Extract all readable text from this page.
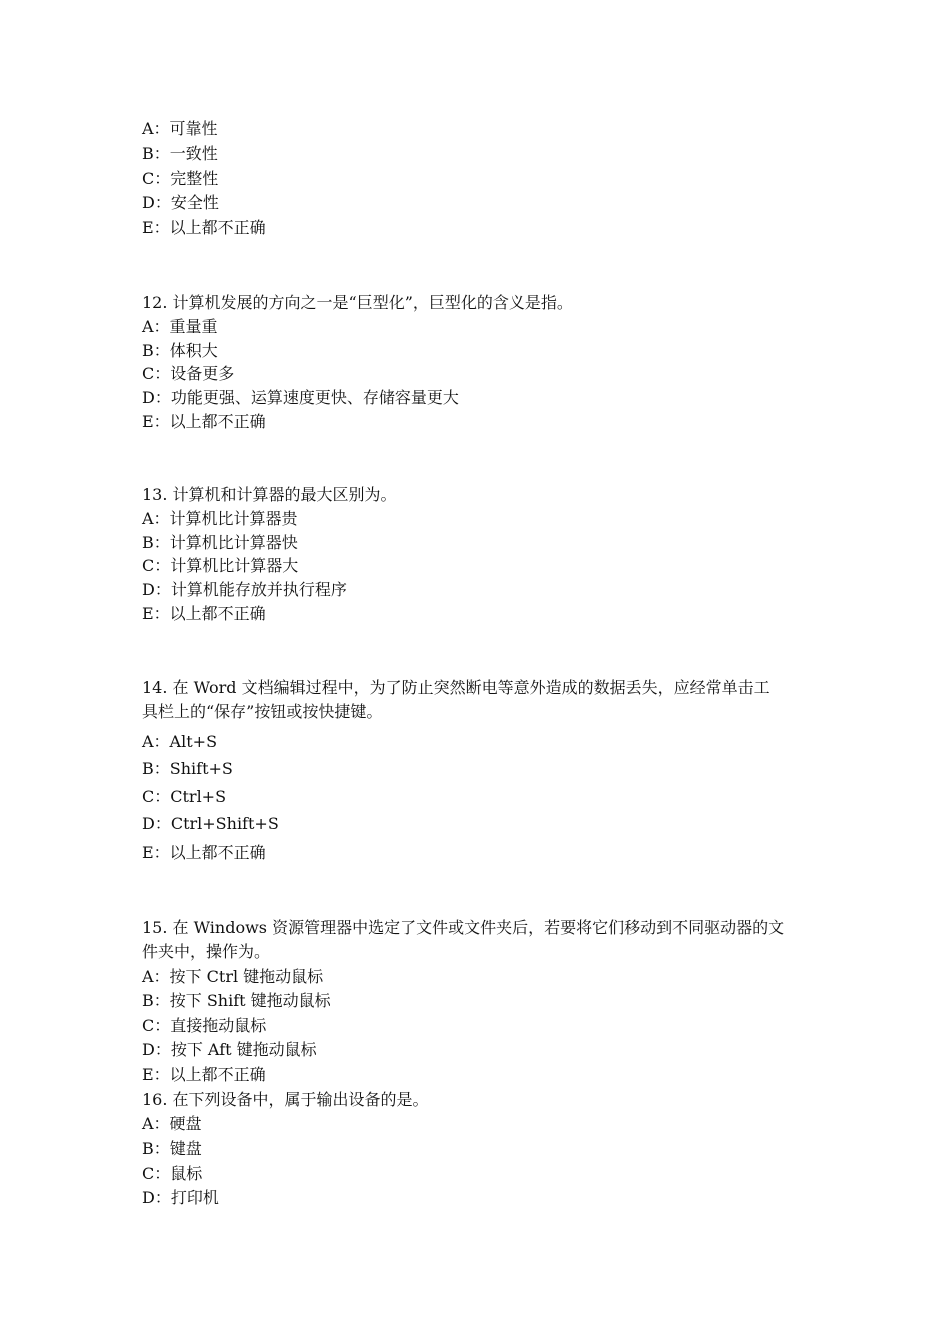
A：可靠性
B：一致性
C：完整性
D：安全性
E：以上都不正确
12. 计算机发展的方向之一是“巨型化”，巨型化的含义是指。
A：重量重
B：体积大
C：设备更多
D：功能更强、运算速度更快、存储容量更大
E：以上都不正确
13. 计算机和计算器的最大区别为。
A：计算机比计算器贵
B：计算机比计算器快
C：计算机比计算器大
D：计算机能存放并执行程序
E：以上都不正确
14. 在 Word 文档编辑过程中，为了防止突然断电等意外造成的数据丢失，应经常单击工
具栏上的“保存”按钮或按快捷键。
A：Alt+S
B：Shift+S
C：Ctrl+S
D：Ctrl+Shift+S
E：以上都不正确
15. 在 Windows 资源管理器中选定了文件或文件夹后，若要将它们移动到不同驱动器的文
件夹中，操作为。
A：按下 Ctrl 键拖动鼠标
B：按下 Shift 键拖动鼠标
C：直接拖动鼠标
D：按下 Aft 键拖动鼠标
E：以上都不正确
16. 在下列设备中，属于输出设备的是。
A：硬盘
B：键盘
C：鼠标
D：打印机
